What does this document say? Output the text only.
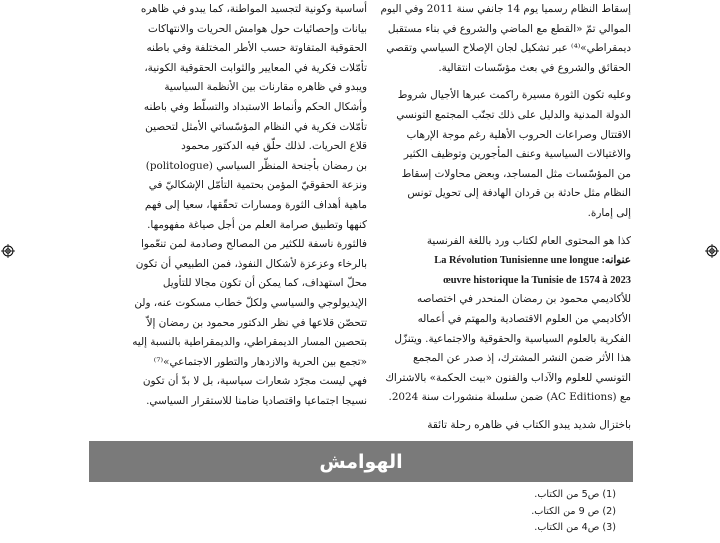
إسقاط النظام رسميا يوم 14 جانفي سنة 2011 وفي اليوم
الموالي تمّ «القطع مع الماضي والشروع في بناء مستقبل
ديمقراطي»⁽⁴⁾ عبر تشكيل لجان الإصلاح السياسي وتقصي
الحقائق والشروع في بعث مؤسّسات انتقالية.
وعليه تكون الثورة مسيرة راكمت عبرها الأجيال شروط
الدولة المدنية والدليل على ذلك تجنّب المجتمع التونسي
الاقتتال وصراعات الحروب الأهلية رغم موجة الإرهاب
والاغتيالات السياسية وعنف المأجورين وتوظيف الكثير
من المؤسّسات مثل المساجد، وبعض محاولات إسقاط
النظام مثل حادثة بن قردان الهادفة إلى تحويل تونس
إلى إمارة.
كذا هو المحتوى العام لكتاب ورد باللغة الفرنسية
عنوانه: La Révolution Tunisienne une longue
œuvre historique la Tunisie de 1574 à 2023
للأكاديمي محمود بن رمضان المنحدر في اختصاصه
الأكاديمي من العلوم الاقتصادية والمهتم في أعماله
الفكرية بالعلوم السياسية والحقوقية والاجتماعية. ويتنزّل
هذا الأثر ضمن النشر المشترك، إذ صدر عن المجمع
التونسي للعلوم والآداب والفنون «بيت الحكمة» بالاشتراك
مع (AC Editions) ضمن سلسلة منشورات سنة 2024.
باختزال شديد يبدو الكتاب في ظاهره رحلة تائقة
أساسية وكونية لتجسيد المواطنة، كما يبدو في ظاهره
بيانات وإحصائيات حول هوامش الحريات والانتهاكات
الحقوقية المتفاوتة حسب الأطر المختلفة وفي باطنه
تأمّلات فكرية في المعايير والثوابت الحقوقية الكونية،
ويبدو في ظاهره مقارنات بين الأنظمة السياسية
وأشكال الحكم وأنماط الاستبداد والتسلّط وفي باطنه
تأمّلات فكرية في النظام المؤسّساتي الأمثل لتحصين
قلاع الحريات. لذلك حلّق فيه الدكتور محمود
بن رمضان بأجنحة المنظّر السياسي (politologue)
ونزعة الحقوقيّ المؤمن بحتمية التأمّل الإشكاليّ في
ماهية أهداف الثورة ومسارات تحقّقها، سعيا إلى فهم
كنهها وتطبيق صرامة العلم من أجل صياغة مفهومها.
فالثورة ناسفة للكثير من المصالح وصادمة لمن تنعّموا
بالرخاء وعزعزة لأشكال النفوذ، فمن الطبيعي أن تكون
محلّ استهداف، كما يمكن أن تكون مجالا للتأويل
الإيديولوجي والسياسي ولكلّ خطاب مسكوت عنه، ولن
تتحصّن قلاعها في نظر الدكتور محمود بن رمضان إلاّ
بتحصين المسار الديمقراطي، والديمقراطية بالنسبة إليه
«تجمع بين الحرية والازدهار والتطور الاجتماعي»⁽⁷⁾
فهي ليست مجرّد شعارات سياسية، بل لا بدّ أن تكون
نسيجا اجتماعيا واقتصاديا ضامنا للاستقرار السياسي.
الهوامش
(1) ص5 من الكتاب.
(2) ص 9 من الكتاب.
(3) ص4 من الكتاب.
